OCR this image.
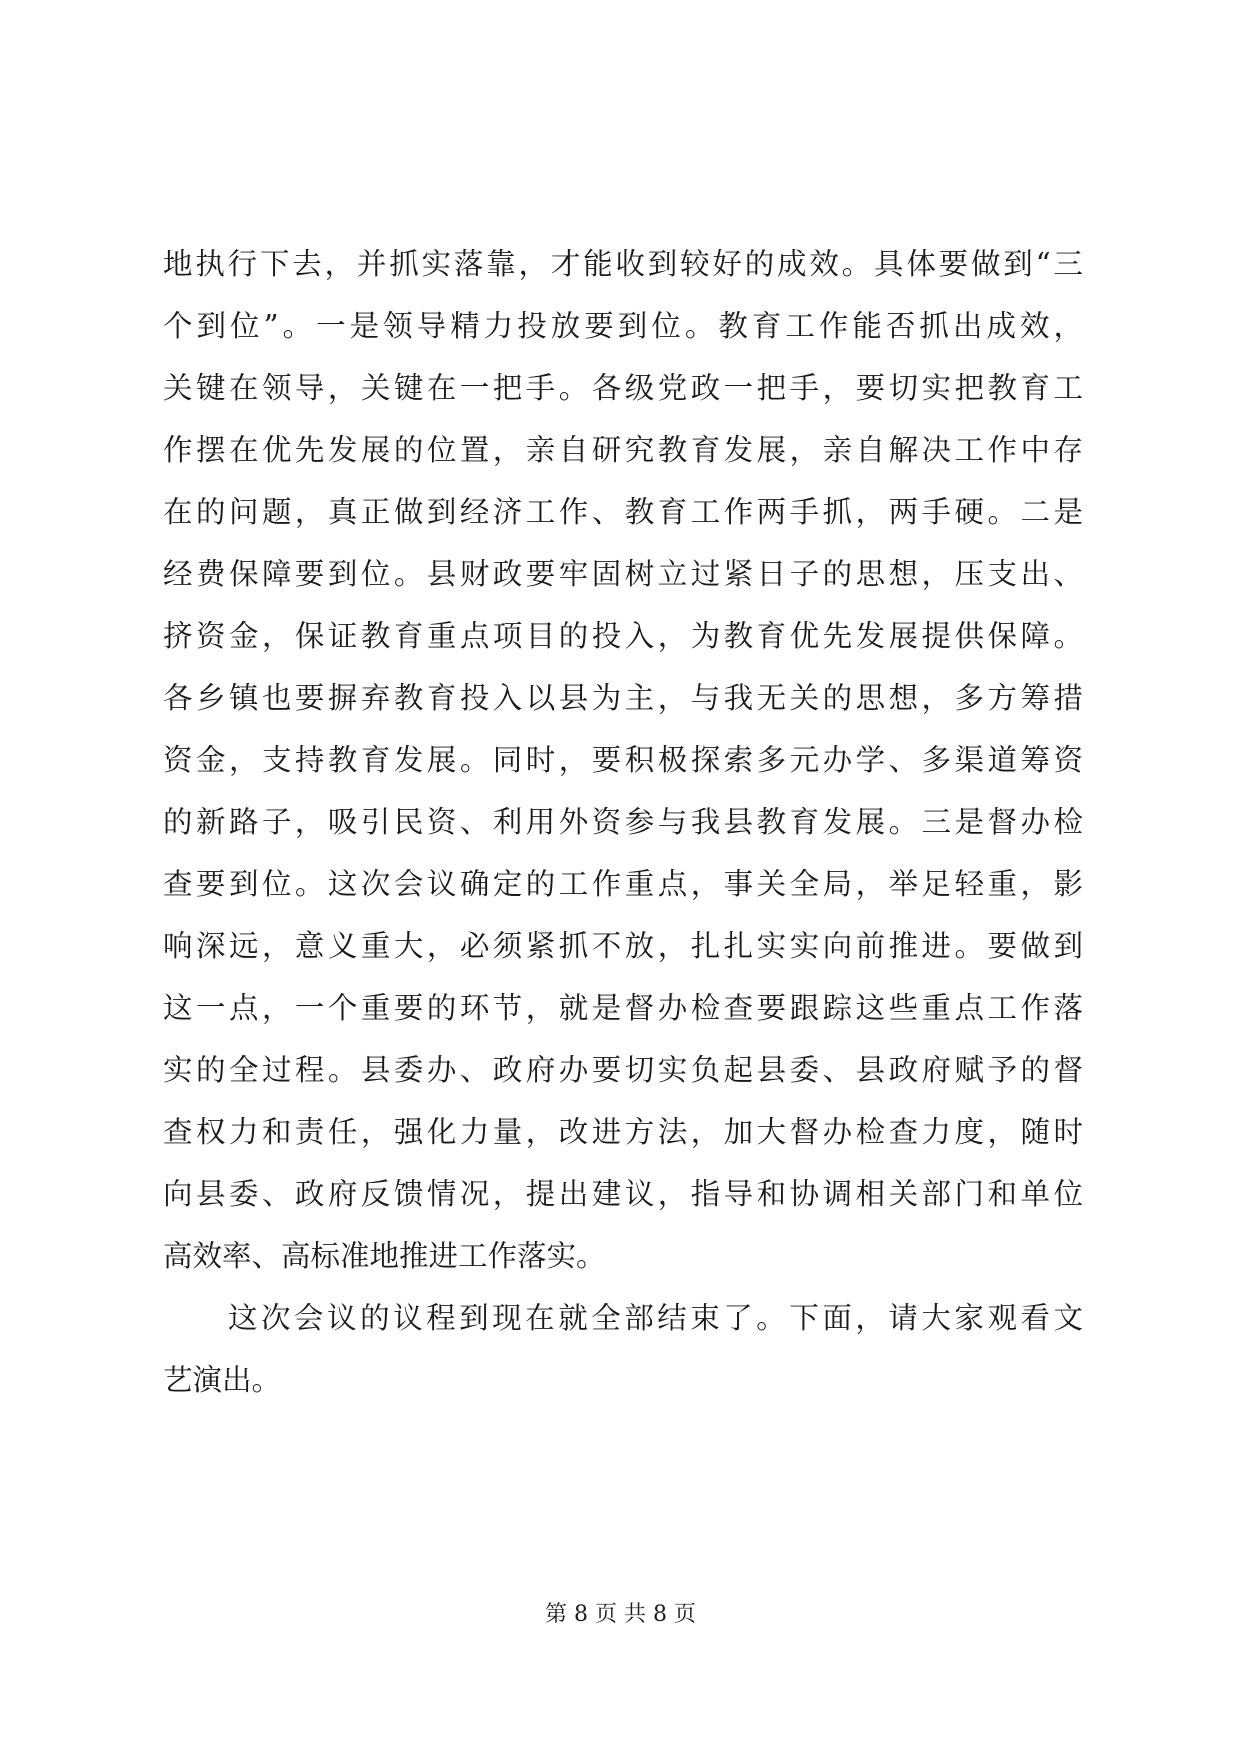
地执行下去，并抓实落靠，才能收到较好的成效。具体要做到“三
个到位”。一是领导精力投放要到位。教育工作能否抓出成效，
关键在领导，关键在一把手。各级党政一把手，要切实把教育工
作摆在优先发展的位置，亲自研究教育发展，亲自解决工作中存
在的问题，真正做到经济工作、教育工作两手抓，两手硬。二是
经费保障要到位。县财政要牢固树立过紧日子的思想，压支出、
挤资金，保证教育重点项目的投入，为教育优先发展提供保障。
各乡镇也要摒弃教育投入以县为主，与我无关的思想，多方筹措
资金，支持教育发展。同时，要积极探索多元办学、多渠道筹资
的新路子，吸引民资、利用外资参与我县教育发展。三是督办检
查要到位。这次会议确定的工作重点，事关全局，举足轻重，影
响深远，意义重大，必须紧抓不放，扎扎实实向前推进。要做到
这一点，一个重要的环节，就是督办检查要跟踪这些重点工作落
实的全过程。县委办、政府办要切实负起县委、县政府赋予的督
查权力和责任，强化力量，改进方法，加大督办检查力度，随时
向县委、政府反馈情况，提出建议，指导和协调相关部门和单位
高效率、高标准地推进工作落实。
这次会议的议程到现在就全部结束了。下面，请大家观看文
艺演出。
第 8 页 共 8 页
